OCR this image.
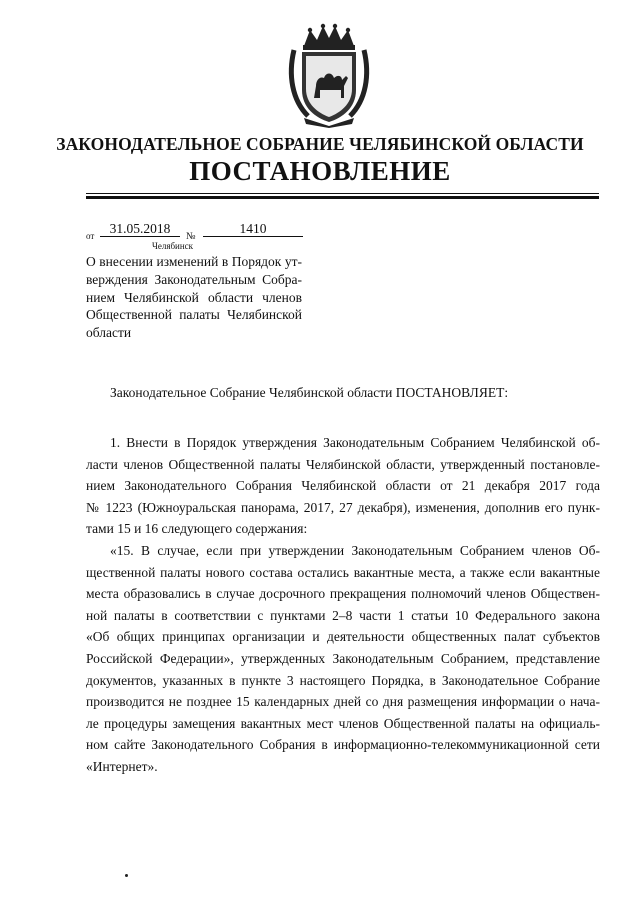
ЗАКОНОДАТЕЛЬНОЕ СОБРАНИЕ ЧЕЛЯБИНСКОЙ ОБЛАСТИ
ПОСТАНОВЛЕНИЕ
от	31.05.2018
№
1410
Челябинск
О внесении изменений в Порядок ут-
верждения Законодательным Собра-
нием Челябинской области членов
Общественной палаты Челябинской
области
Законодательное Собрание Челябинской области ПОСТАНОВЛЯЕТ:
1. Внести в Порядок утверждения Законодательным Собранием Челябинской об-
ласти членов Общественной палаты Челябинской области, утвержденный постановле-
нием Законодательного Собрания Челябинской области от 21 декабря 2017 года
№ 1223 (Южноуральская панорама, 2017, 27 декабря), изменения, дополнив его пунк-
тами 15 и 16 следующего содержания:
«15. В случае, если при утверждении Законодательным Собранием членов Об-
щественной палаты нового состава остались вакантные места, а также если вакантные
места образовались в случае досрочного прекращения полномочий членов Обществен-
ной палаты в соответствии с пунктами 2–8 части 1 статьи 10 Федерального закона
«Об общих принципах организации и деятельности общественных палат субъектов
Российской Федерации», утвержденных Законодательным Собранием, представление
документов, указанных в пункте 3 настоящего Порядка, в Законодательное Собрание
производится не позднее 15 календарных дней со дня размещения информации о нача-
ле процедуры замещения вакантных мест членов Общественной палаты на официаль-
ном сайте Законодательного Собрания в информационно-телекоммуникационной сети
«Интернет».
